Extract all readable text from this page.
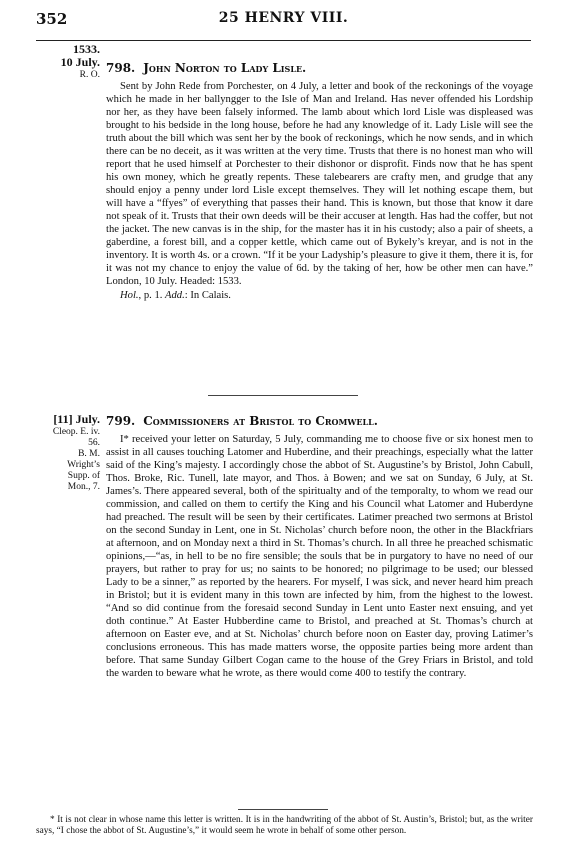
352	25 HENRY VIII.
1533.
10 July.
R. O. 798. John Norton to Lady Lisle.

Sent by John Rede from Porchester, on 4 July, a letter and book of the reckonings of the voyage which he made in her ballyngger to the Isle of Man and Ireland. Has never offended his Lordship nor her, as they have been falsely informed. The lamb about which lord Lisle was displeased was brought to his bedside in the long house, before he had any knowledge of it. Lady Lisle will see the truth about the bill which was sent her by the book of reckonings, which he now sends, and in which there can be no deceit, as it was written at the very time. Trusts that there is no honest man who will report that he used himself at Porchester to their dishonor or disprofit. Finds now that he has spent his own money, which he greatly repents. These talebearers are crafty men, and grudge that any should enjoy a penny under lord Lisle except themselves. They will let nothing escape them, but will have a “ffyes” of everything that passes their hand. This is known, but those that know it dare not speak of it. Trusts that their own deeds will be their accuser at length. Has had the coffer, but not the jacket. The new canvas is in the ship, for the master has it in his custody; also a pair of sheets, a gaberdine, a forest bill, and a copper kettle, which came out of Bykely’s kreyar, and is not in the inventory. It is worth 4s. or a crown. “If it be your Ladyship’s pleasure to give it them, there it is, for it was not my chance to enjoy the value of 6d. by the taking of her, how be other men can have.” London, 10 July. Headed: 1533.

Hol., p. 1. Add.: In Calais.
[11] July.
Cleop. E. iv.
56.
B. M.
Wright’s
Supp. of
Mon., 7.
799. Commissioners at Bristol to Cromwell.

I* received your letter on Saturday, 5 July, commanding me to choose five or six honest men to assist in all causes touching Latomer and Huberdine, and their preachings, especially what the latter said of the King’s majesty. I accordingly chose the abbot of St. Augustine’s by Bristol, John Cabull, Thos. Broke, Ric. Tunell, late mayor, and Thos. à Bowen; and we sat on Sunday, 6 July, at St. James’s. There appeared several, both of the spiritualty and of the temporalty, to whom we read our commission, and called on them to certify the King and his Council what Latomer and Huberdyne had preached. The result will be seen by their certificates. Latimer preached two sermons at Bristol on the second Sunday in Lent, one in St. Nicholas’ church before noon, the other in the Blackfriars at afternoon, and on Monday next a third in St. Thomas’s church. In all three he preached schismatic opinions,—“as, in hell to be no fire sensible; the souls that be in purgatory to have no need of our prayers, but rather to pray for us; no saints to be honored; no pilgrimage to be used; our blessed Lady to be a sinner,” as reported by the hearers. For myself, I was sick, and never heard him preach in Bristol; but it is evident many in this town are infected by him, from the highest to the lowest. “And so did continue from the foresaid second Sunday in Lent unto Easter next ensuing, and yet doth continue.” At Easter Hubberdine came to Bristol, and preached at St. Thomas’s church at afternoon on Easter eve, and at St. Nicholas’ church before noon on Easter day, proving Latimer’s conclusions erroneous. This has made matters worse, the opposite parties being more ardent than before. That same Sunday Gilbert Cogan came to the house of the Grey Friars in Bristol, and told the warden to beware what he wrote, as there would come 400 to testify the contrary.

* It is not clear in whose name this letter is written. It is in the handwriting of the abbot of St. Austin’s, Bristol; but, as the writer says, “I chose the abbot of St. Augustine’s,” it would seem he wrote in behalf of some other person.
